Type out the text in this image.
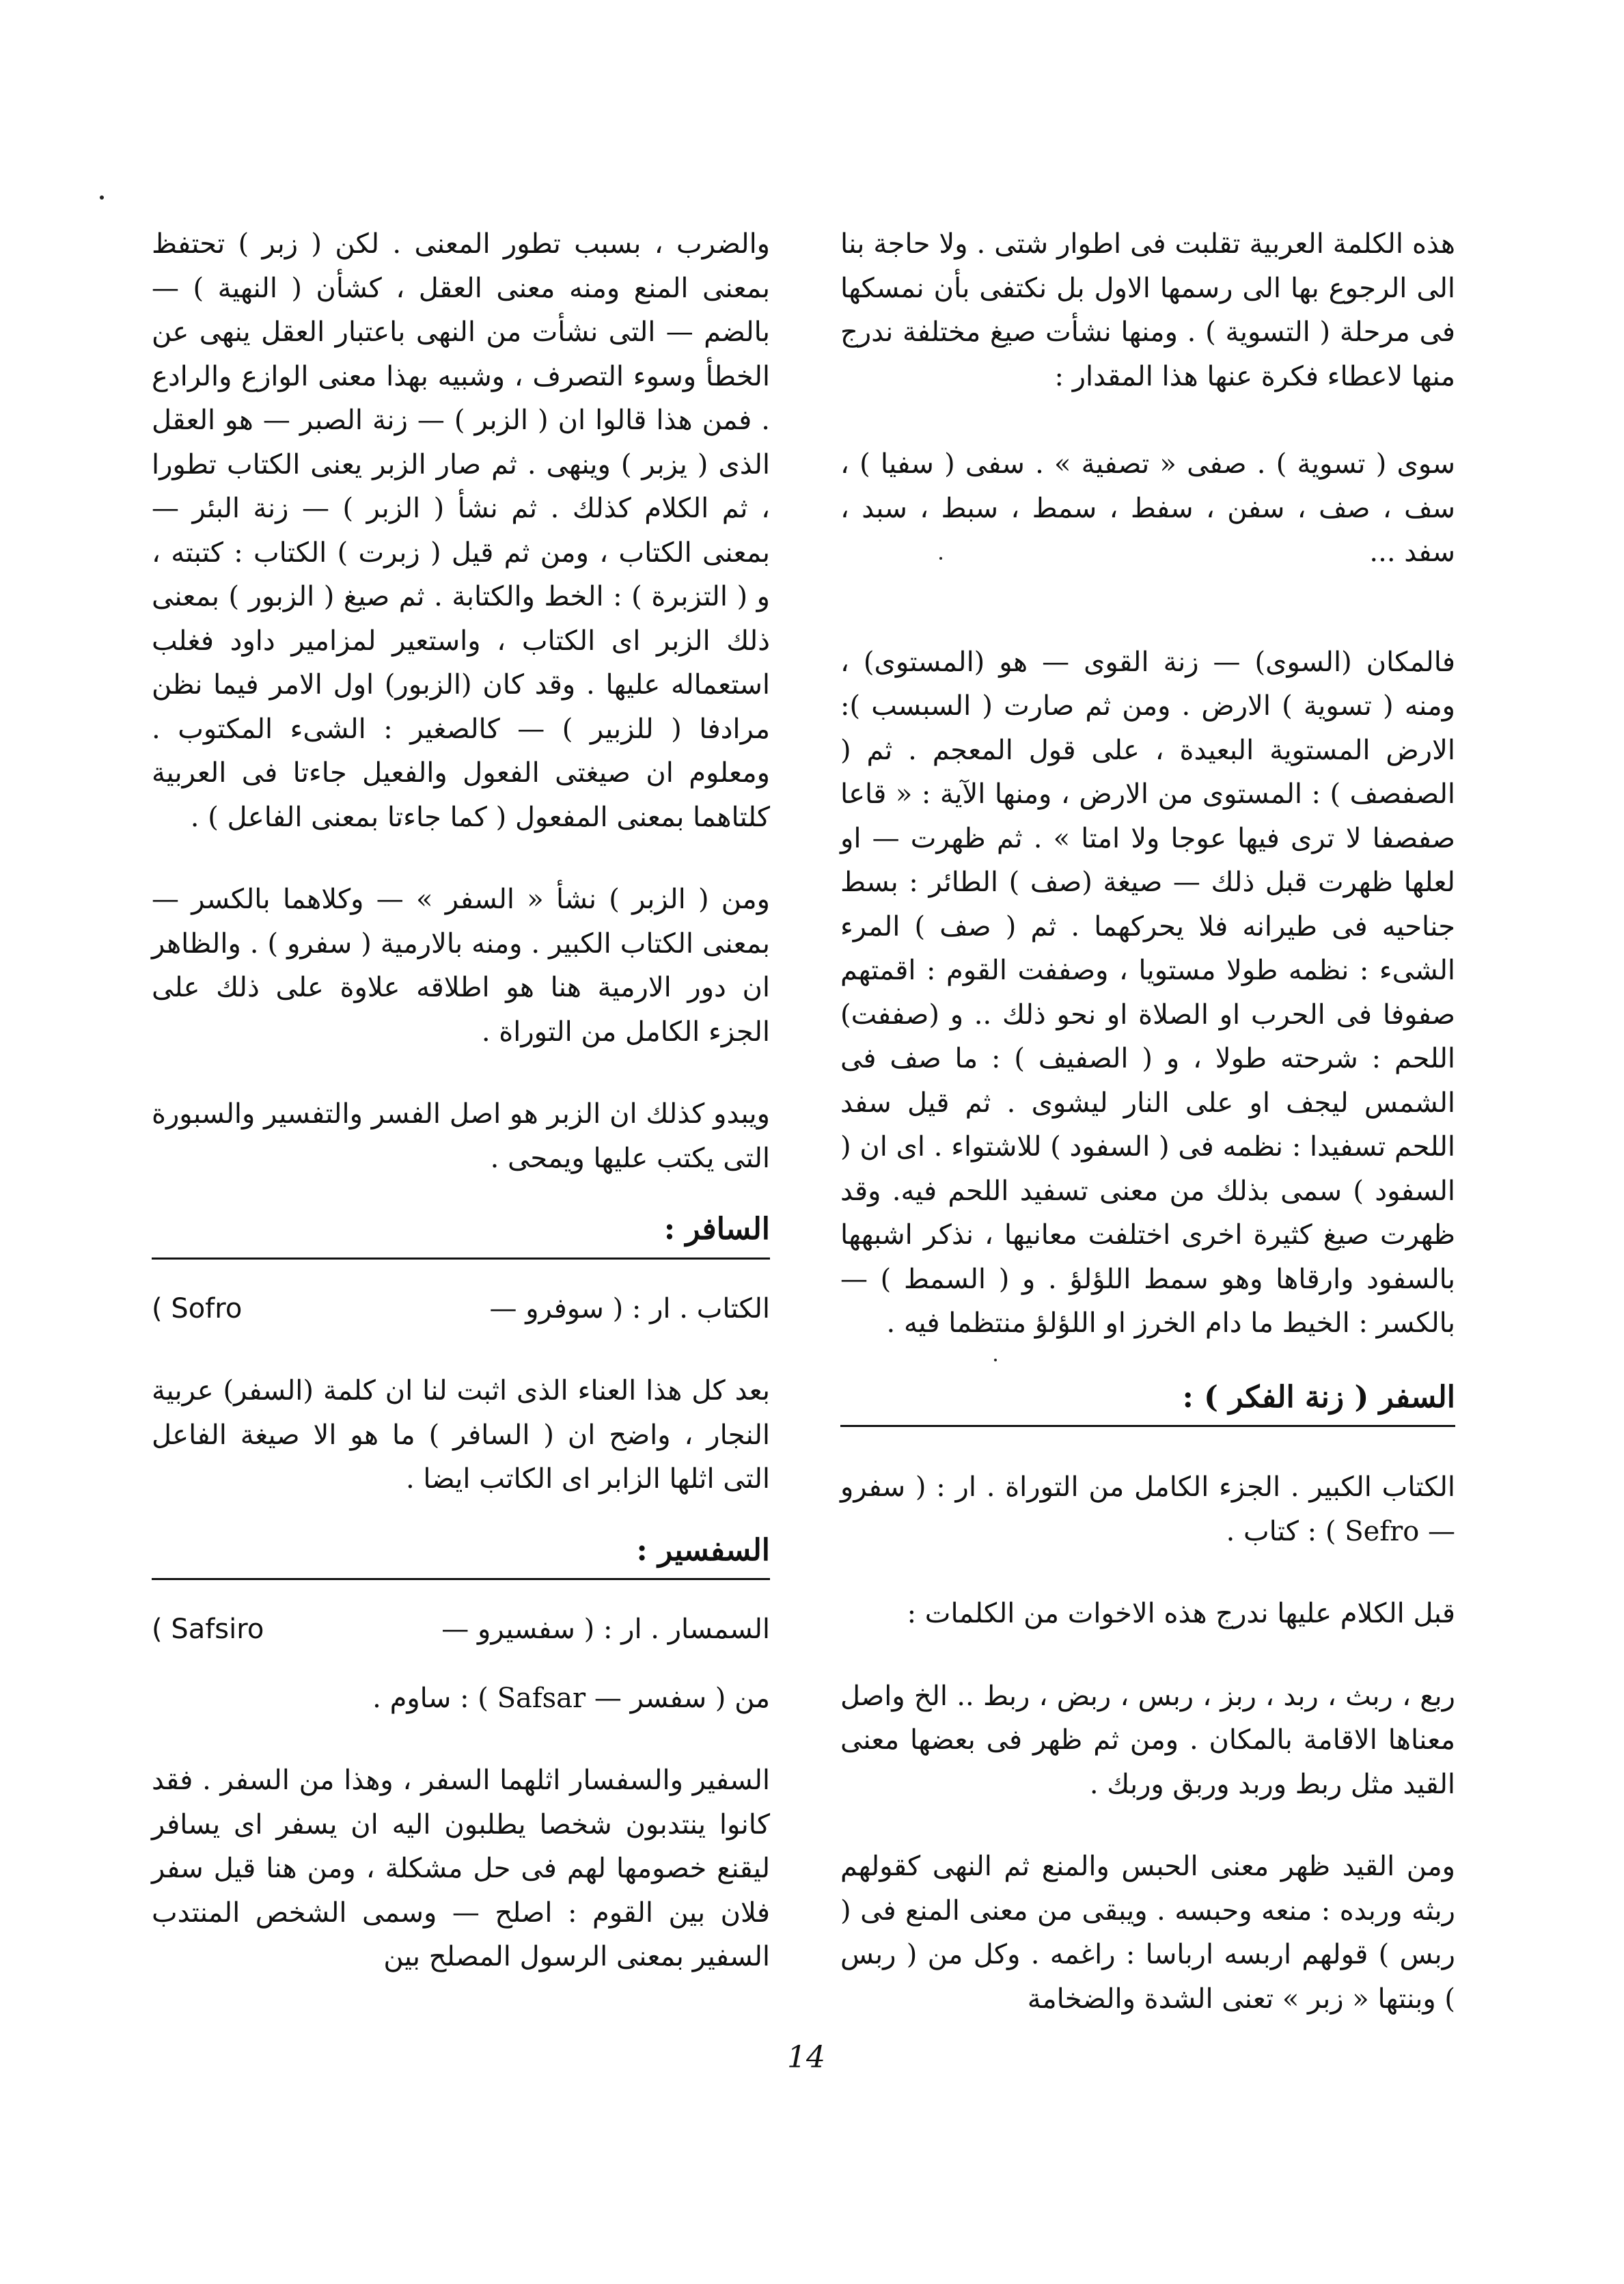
هذه الكلمة العربية تقلبت فى اطوار شتى . ولا حاجة بنا الى الرجوع بها الى رسمها الاول بل نكتفى بأن نمسكها فى مرحلة ( التسوية ) . ومنها نشأت صيغ مختلفة ندرج منها لاعطاء فكرة عنها هذا المقدار :

سوى ( تسوية ) . صفى « تصفية » . سفى ( سفيا ) ، سف ، صف ، سفن ، سفط ، سمط ، سبط ، سبد ، سفد ...

فالمكان (السوى) — زنة القوى — هو (المستوى) ، ومنه ( تسوية ) الارض . ومن ثم صارت ( السبسب ): الارض المستوية البعيدة ، على قول المعجم . ثم ( الصفصف ) : المستوى من الارض ، ومنها الآية : « قاعا صفصفا لا ترى فيها عوجا ولا امتا » . ثم ظهرت — او لعلها ظهرت قبل ذلك — صيغة (صف ) الطائر : بسط جناحيه فى طيرانه فلا يحركهما . ثم ( صف ) المرء الشىء : نظمه طولا مستويا ، وصففت القوم : اقمتهم صفوفا فى الحرب او الصلاة او نحو ذلك .. و (صففت) اللحم : شرحته طولا ، و ( الصفيف ) : ما صف فى الشمس ليجف او على النار ليشوى . ثم قيل سفد اللحم تسفيدا : نظمه فى ( السفود ) للاشتواء . اى ان ( السفود ) سمى بذلك من معنى تسفيد اللحم فيه. وقد ظهرت صيغ كثيرة اخرى اختلفت معانيها ، نذكر اشبهها بالسفود وارقاها وهو سمط اللؤلؤ . و ( السمط ) — بالكسر : الخيط ما دام الخرز او اللؤلؤ منتظما فيه .

السفر ( زنة الفكر ) :

الكتاب الكبير . الجزء الكامل من التوراة . ار : ( سفرو — Sefro ) : كتاب .

قبل الكلام عليها ندرج هذه الاخوات من الكلمات :

ربع ، ربث ، ربد ، ربز ، ربس ، ربض ، ربط .. الخ واصل معناها الاقامة بالمكان . ومن ثم ظهر فى بعضها معنى القيد مثل ربط وربد وربق وربك .

ومن القيد ظهر معنى الحبس والمنع ثم النهى كقولهم ربثه وربده : منعه وحبسه . ويبقى من معنى المنع فى ( ربس ) قولهم اربسه ارباسا : راغمه . وكل من ( ربس ) وبنتها « زبر » تعنى الشدة والضخامة

والضرب ، بسبب تطور المعنى . لكن ( زبر ) تحتفظ بمعنى المنع ومنه معنى العقل ، كشأن ( النهية ) — بالضم — التى نشأت من النهى باعتبار العقل ينهى عن الخطأ وسوء التصرف ، وشبيه بهذا معنى الوازع والرادع . فمن هذا قالوا ان ( الزبر ) — زنة الصبر — هو العقل الذى ( يزبر ) وينهى . ثم صار الزبر يعنى الكتاب تطورا ، ثم الكلام كذلك . ثم نشأ ( الزبر ) — زنة البئر — بمعنى الكتاب ، ومن ثم قيل ( زبرت ) الكتاب : كتبته ، و ( التزبرة ) : الخط والكتابة . ثم صيغ ( الزبور ) بمعنى ذلك الزبر اى الكتاب ، واستعير لمزامير داود فغلب استعماله عليها . وقد كان (الزبور) اول الامر فيما نظن مرادفا ( للزبير ) — كالصغير : الشىء المكتوب . ومعلوم ان صيغتى الفعول والفعيل جاءتا فى العربية كلتاهما بمعنى المفعول ( كما جاءتا بمعنى الفاعل ) .

ومن ( الزبر ) نشأ « السفر » — وكلاهما بالكسر — بمعنى الكتاب الكبير . ومنه بالارمية ( سفرو ) . والظاهر ان دور الارمية هنا هو اطلاقه علاوة على ذلك على الجزء الكامل من التوراة .

ويبدو كذلك ان الزبر هو اصل الفسر والتفسير والسبورة التى يكتب عليها ويمحى .

السافر :
الكتاب . ار : ( سوفرو —
( Sofro

بعد كل هذا العناء الذى اثبت لنا ان كلمة (السفر) عربية النجار ، واضح ان ( السافر ) ما هو الا صيغة الفاعل التى اثلها الزابر اى الكاتب ايضا .

السفسير :
السمسار . ار : ( سفسيرو —
( Safsiro

من ( سفسر — Safsar ) : ساوم .

السفير والسفسار اثلهما السفر ، وهذا من السفر . فقد كانوا ينتدبون شخصا يطلبون اليه ان يسفر اى يسافر ليقنع خصومها لهم فى حل مشكلة ، ومن هنا قيل سفر فلان بين القوم : اصلح — وسمى الشخص المنتدب السفير بمعنى الرسول المصلح بين

14
